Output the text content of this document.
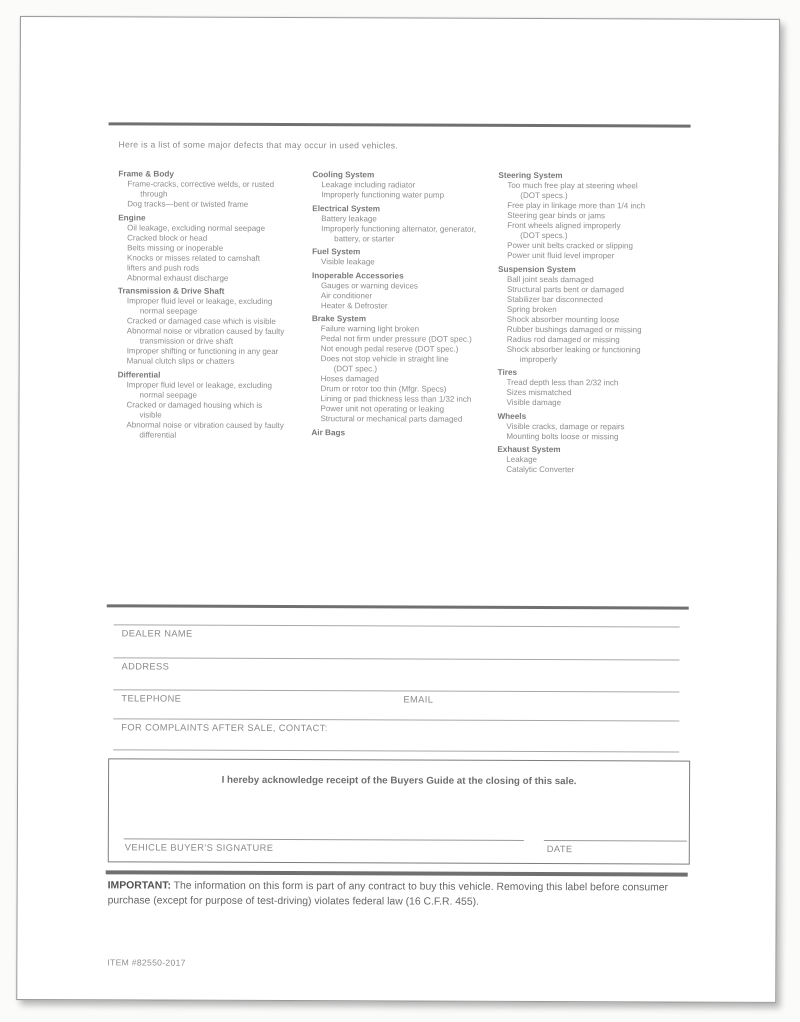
Here is a list of some major defects that may occur in used vehicles.
Frame & Body
Frame-cracks, corrective welds, or rusted
through
Dog tracks—bent or twisted frame
Engine
Oil leakage, excluding normal seepage
Cracked block or head
Belts missing or inoperable
Knocks or misses related to camshaft
lifters and push rods
Abnormal exhaust discharge
Transmission & Drive Shaft
Improper fluid level or leakage, excluding
normal seepage
Cracked or damaged case which is visible
Abnormal noise or vibration caused by faulty
transmission or drive shaft
Improper shifting or functioning in any gear
Manual clutch slips or chatters
Differential
Improper fluid level or leakage, excluding
normal seepage
Cracked or damaged housing which is
visible
Abnormal noise or vibration caused by faulty
differential
Cooling System
Leakage including radiator
Improperly functioning water pump
Electrical System
Battery leakage
Improperly functioning alternator, generator,
battery, or starter
Fuel System
Visible leakage
Inoperable Accessories
Gauges or warning devices
Air conditioner
Heater & Defroster
Brake System
Failure warning light broken
Pedal not firm under pressure (DOT spec.)
Not enough pedal reserve (DOT spec.)
Does not stop vehicle in straight line
(DOT spec.)
Hoses damaged
Drum or rotor too thin (Mfgr. Specs)
Lining or pad thickness less than 1/32 inch
Power unit not operating or leaking
Structural or mechanical parts damaged
Air Bags
Steering System
Too much free play at steering wheel
(DOT specs.)
Free play in linkage more than 1/4 inch
Steering gear binds or jams
Front wheels aligned improperly
(DOT specs.)
Power unit belts cracked or slipping
Power unit fluid level improper
Suspension System
Ball joint seals damaged
Structural parts bent or damaged
Stabilizer bar disconnected
Spring broken
Shock absorber mounting loose
Rubber bushings damaged or missing
Radius rod damaged or missing
Shock absorber leaking or functioning
improperly
Tires
Tread depth less than 2/32 inch
Sizes mismatched
Visible damage
Wheels
Visible cracks, damage or repairs
Mounting bolts loose or missing
Exhaust System
Leakage
Catalytic Converter
DEALER NAME
ADDRESS
TELEPHONE	EMAIL
FOR COMPLAINTS AFTER SALE, CONTACT:
I hereby acknowledge receipt of the Buyers Guide at the closing of this sale.
VEHICLE BUYER'S SIGNATURE	DATE
IMPORTANT: The information on this form is part of any contract to buy this vehicle. Removing this label before consumer purchase (except for purpose of test-driving) violates federal law (16 C.F.R. 455).
ITEM #82550-2017
